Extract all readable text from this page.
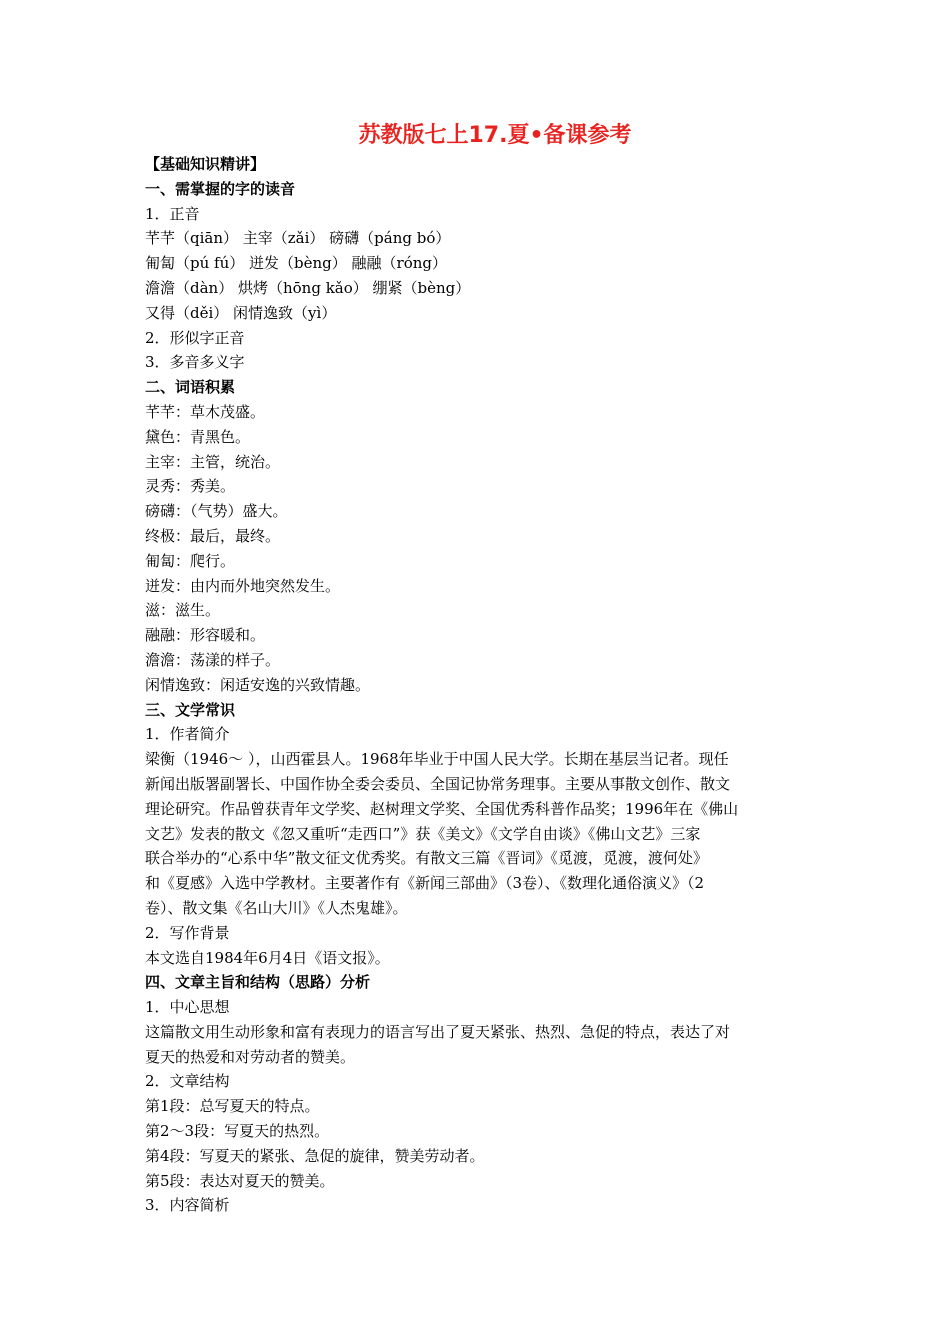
苏教版七上17.夏•备课参考
【基础知识精讲】
一、需掌握的字的读音
1．正音
芊芊（qiān） 主宰（zǎi） 磅礴（páng bó）
匍匐（pú fú） 迸发（bèng） 融融（róng）
澹澹（dàn） 烘烤（hōng kǎo） 绷紧（bèng）
又得（děi） 闲情逸致（yì）
2．形似字正音
3．多音多义字
二、词语积累
芊芊：草木茂盛。
黛色：青黑色。
主宰：主管，统治。
灵秀：秀美。
磅礴：（气势）盛大。
终极：最后，最终。
匍匐：爬行。
迸发：由内而外地突然发生。
滋：滋生。
融融：形容暖和。
澹澹：荡漾的样子。
闲情逸致：闲适安逸的兴致情趣。
三、文学常识
1．作者简介
梁衡（1946～ ），山西霍县人。1968年毕业于中国人民大学。长期在基层当记者。现任
新闻出版署副署长、中国作协全委会委员、全国记协常务理事。主要从事散文创作、散文
理论研究。作品曾获青年文学奖、赵树理文学奖、全国优秀科普作品奖；1996年在《佛山
文艺》发表的散文《忽又重听“走西口”》获《美文》《文学自由谈》《佛山文艺》三家
联合举办的“心系中华”散文征文优秀奖。有散文三篇《晋词》《觅渡，觅渡，渡何处》
和《夏感》入选中学教材。主要著作有《新闻三部曲》（3卷）、《数理化通俗演义》（2
卷）、散文集《名山大川》《人杰鬼雄》。
2．写作背景
本文选自1984年6月4日《语文报》。
四、文章主旨和结构（思路）分析
1．中心思想
这篇散文用生动形象和富有表现力的语言写出了夏天紧张、热烈、急促的特点，表达了对
夏天的热爱和对劳动者的赞美。
2．文章结构
第1段：总写夏天的特点。
第2～3段：写夏天的热烈。
第4段：写夏天的紧张、急促的旋律，赞美劳动者。
第5段：表达对夏天的赞美。
3．内容简析
